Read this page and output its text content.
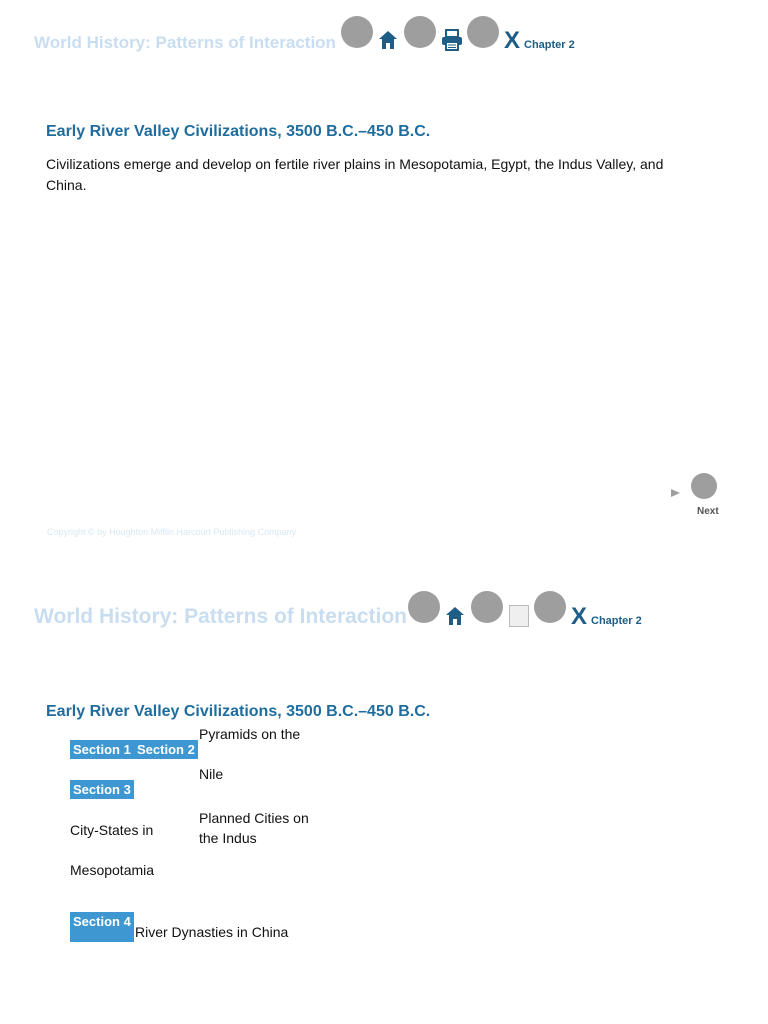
World History: Patterns of Interaction	X Chapter 2
Early River Valley Civilizations, 3500 B.C.–450 B.C.
Civilizations emerge and develop on fertile river plains in Mesopotamia, Egypt, the Indus Valley, and China.
Next
Copyright © by Houghton Mifflin Harcourt Publishing Company
World History: Patterns of Interaction	X Chapter 2
Early River Valley Civilizations, 3500 B.C.–450 B.C.
Section 1
City-States in

Mesopotamia
Section 2
Pyramids on the

Nile
Section 3
Planned Cities on
the Indus
Section 4
River Dynasties in China
